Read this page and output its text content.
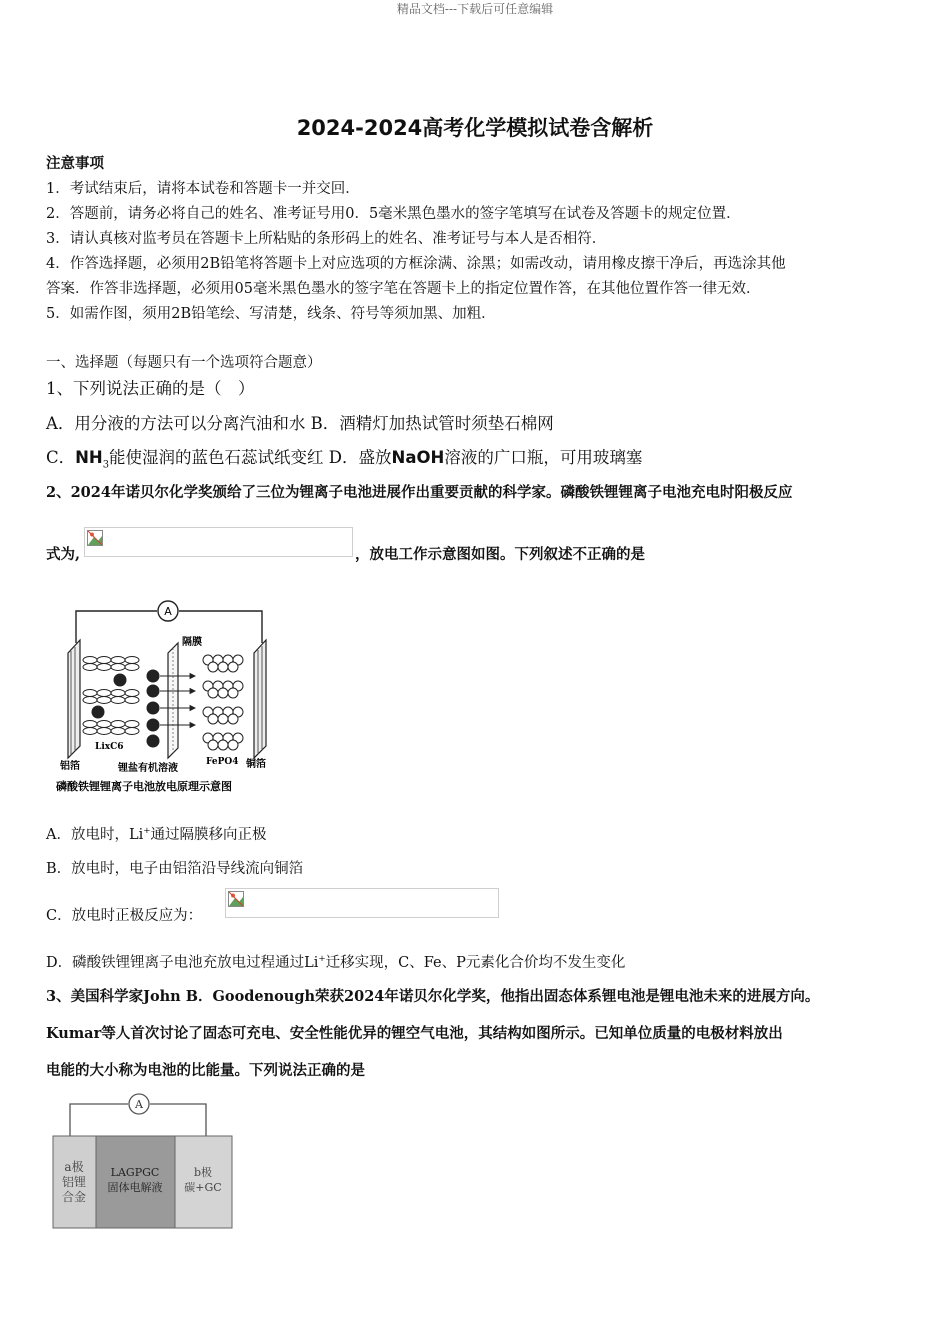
精品文档---下载后可任意编辑
2024-2024高考化学模拟试卷含解析
注意事项
1．考试结束后，请将本试卷和答题卡一并交回．
2．答题前，请务必将自己的姓名、准考证号用0．5毫米黑色墨水的签字笔填写在试卷及答题卡的规定位置．
3．请认真核对监考员在答题卡上所粘贴的条形码上的姓名、准考证号与本人是否相符．
4．作答选择题，必须用2B铅笔将答题卡上对应选项的方框涂满、涂黑；如需改动，请用橡皮擦干净后，再选涂其他
答案．作答非选择题，必须用05毫米黑色墨水的签字笔在答题卡上的指定位置作答，在其他位置作答一律无效．
5．如需作图，须用2B铅笔绘、写清楚，线条、符号等须加黑、加粗．
一、选择题（每题只有一个选项符合题意）
1、下列说法正确的是（　）
A．用分液的方法可以分离汽油和水 B．酒精灯加热试管时须垫石棉网
C．$NH_3$能使湿润的蓝色石蕊试纸变红 D．盛放NaOH溶液的广口瓶，可用玻璃塞
2、2024年诺贝尔化学奖颁给了三位为锂离子电池进展作出重要贡献的科学家。磷酸铁锂锂离子电池充电时阳极反应
式为,	，放电工作示意图如图。下列叙述不正确的是
A
隔膜
LixC6
FePO4
铝箔	锂盐有机溶液	铜箔
磷酸铁锂锂离子电池放电原理示意图
A．放电时，Li+通过隔膜移向正极
B．放电时，电子由铝箔沿导线流向铜箔
C．放电时正极反应为：
D．磷酸铁锂锂离子电池充放电过程通过Li+迁移实现，C、Fe、P元素化合价均不发生变化
3、美国科学家John B．Goodenough荣获2024年诺贝尔化学奖，他指出固态体系锂电池是锂电池未来的进展方向。
Kumar等人首次讨论了固态可充电、安全性能优异的锂空气电池，其结构如图所示。已知单位质量的电极材料放出
电能的大小称为电池的比能量。下列说法正确的是
A
a极
铝锂
合金
LAGPGC
固体电解液
b极
碳+GC
